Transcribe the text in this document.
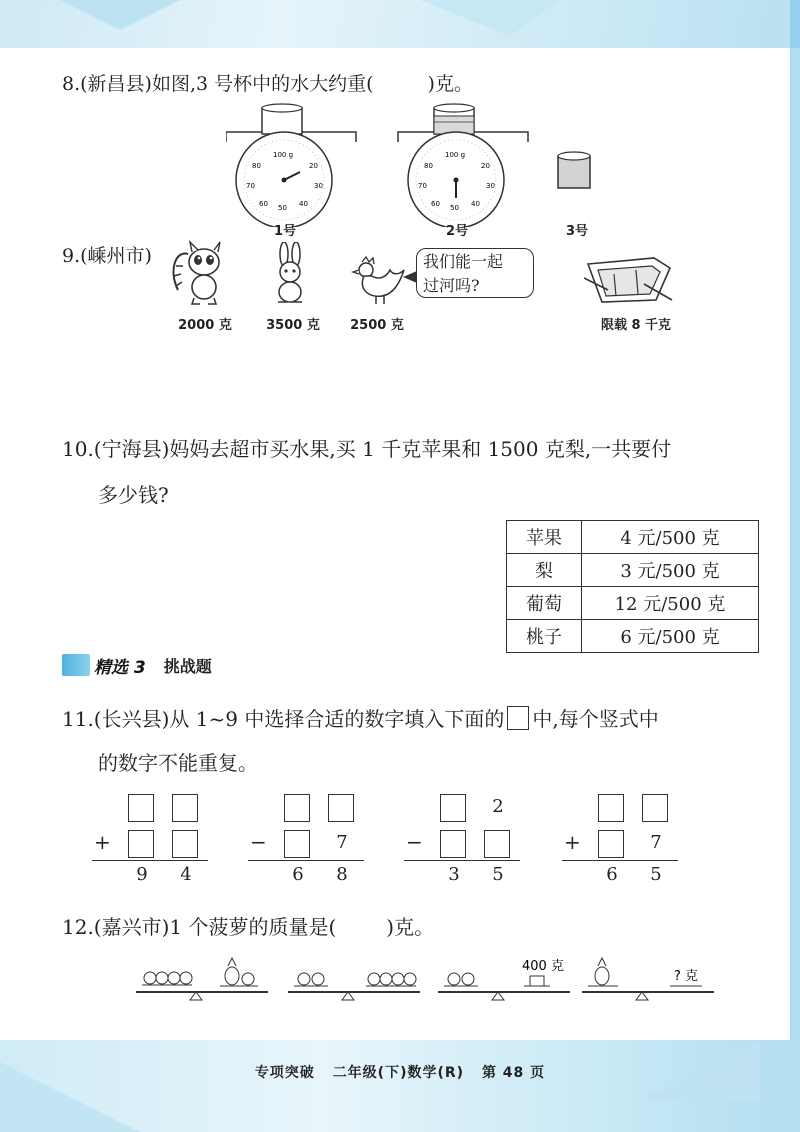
8.(新昌县)如图,3 号杯中的水大约重(	)克。
100 g
80	20
70	30
60	40
50
100 g
80	20
70	30
60	40
50
1号	2号	3号
9.(嵊州市)	我们能一起
过河吗?
2000 克	3500 克	2500 克	限载 8 千克
10.(宁海县)妈妈去超市买水果,买 1 千克苹果和 1500 克梨,一共要付
多少钱?
苹果	4 元/500 克
梨	3 元/500 克
葡萄	12 元/500 克
桃子	6 元/500 克
精选 3 挑战题
11.(长兴县)从 1~9 中选择合适的数字填入下面的 中,每个竖式中
的数字不能重复。
+
9	4
7
−
6	8
2
−
3	5
7
+
6	5
12.(嘉兴市)1 个菠萝的质量是(	)克。
400 克
? 克
专项突破 二年级(下)数学(R) 第 48 页
